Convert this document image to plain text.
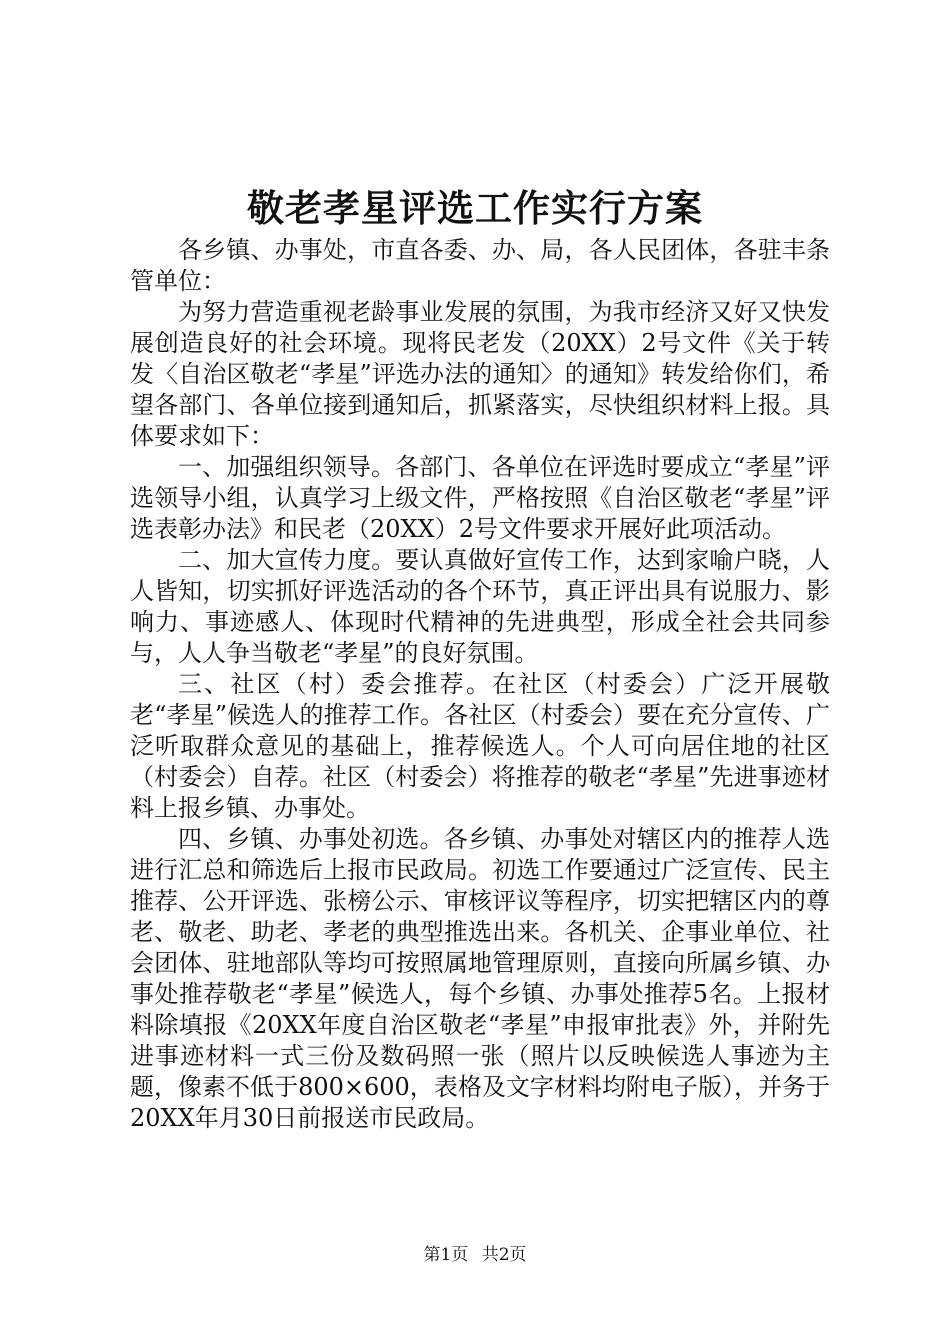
敬老孝星评选工作实行方案

各乡镇、办事处，市直各委、办、局，各人民团体，各驻丰条管单位：

为努力营造重视老龄事业发展的氛围，为我市经济又好又快发展创造良好的社会环境。现将民老发（20XX）2号文件《关于转发〈自治区敬老“孝星”评选办法的通知〉的通知》转发给你们，希望各部门、各单位接到通知后，抓紧落实，尽快组织材料上报。具体要求如下：

一、加强组织领导。各部门、各单位在评选时要成立“孝星”评选领导小组，认真学习上级文件，严格按照《自治区敬老“孝星”评选表彰办法》和民老（20XX）2号文件要求开展好此项活动。

二、加大宣传力度。要认真做好宣传工作，达到家喻户晓，人人皆知，切实抓好评选活动的各个环节，真正评出具有说服力、影响力、事迹感人、体现时代精神的先进典型，形成全社会共同参与，人人争当敬老“孝星”的良好氛围。

三、社区（村）委会推荐。在社区（村委会）广泛开展敬老“孝星”候选人的推荐工作。各社区（村委会）要在充分宣传、广泛听取群众意见的基础上，推荐候选人。个人可向居住地的社区（村委会）自荐。社区（村委会）将推荐的敬老“孝星”先进事迹材料上报乡镇、办事处。

四、乡镇、办事处初选。各乡镇、办事处对辖区内的推荐人选进行汇总和筛选后上报市民政局。初选工作要通过广泛宣传、民主推荐、公开评选、张榜公示、审核评议等程序，切实把辖区内的尊老、敬老、助老、孝老的典型推选出来。各机关、企事业单位、社会团体、驻地部队等均可按照属地管理原则，直接向所属乡镇、办事处推荐敬老“孝星”候选人，每个乡镇、办事处推荐5名。上报材料除填报《20XX年度自治区敬老“孝星”申报审批表》外，并附先进事迹材料一式三份及数码照一张（照片以反映候选人事迹为主题，像素不低于800×600，表格及文字材料均附电子版），并务于20XX年月30日前报送市民政局。

第1页 共2页
